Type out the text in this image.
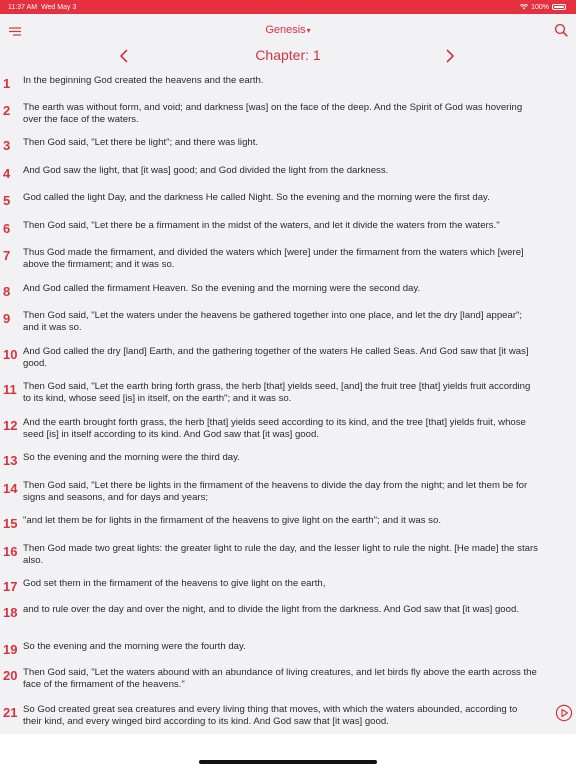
11:37 AM Wed May 3	100%
Genesis▾
Chapter: 1
1	In the beginning God created the heavens and the earth.
2	The earth was without form, and void; and darkness [was] on the face of the deep. And the Spirit of God was hovering over the face of the waters.
3	Then God said, "Let there be light"; and there was light.
4	And God saw the light, that [it was] good; and God divided the light from the darkness.
5	God called the light Day, and the darkness He called Night. So the evening and the morning were the first day.
6	Then God said, "Let there be a firmament in the midst of the waters, and let it divide the waters from the waters."
7	Thus God made the firmament, and divided the waters which [were] under the firmament from the waters which [were] above the firmament; and it was so.
8	And God called the firmament Heaven. So the evening and the morning were the second day.
9	Then God said, "Let the waters under the heavens be gathered together into one place, and let the dry [land] appear"; and it was so.
10 And God called the dry [land] Earth, and the gathering together of the waters He called Seas. And God saw that [it was] good.
11 Then God said, "Let the earth bring forth grass, the herb [that] yields seed, [and] the fruit tree [that] yields fruit according to its kind, whose seed [is] in itself, on the earth"; and it was so.
12 And the earth brought forth grass, the herb [that] yields seed according to its kind, and the tree [that] yields fruit, whose seed [is] in itself according to its kind. And God saw that [it was] good.
13 So the evening and the morning were the third day.
14 Then God said, "Let there be lights in the firmament of the heavens to divide the day from the night; and let them be for signs and seasons, and for days and years;
15 "and let them be for lights in the firmament of the heavens to give light on the earth"; and it was so.
16 Then God made two great lights: the greater light to rule the day, and the lesser light to rule the night. [He made] the stars also.
17 God set them in the firmament of the heavens to give light on the earth,
18 and to rule over the day and over the night, and to divide the light from the darkness. And God saw that [it was] good.
19 So the evening and the morning were the fourth day.
20 Then God said, "Let the waters abound with an abundance of living creatures, and let birds fly above the earth across the face of the firmament of the heavens."
21 So God created great sea creatures and every living thing that moves, with which the waters abounded, according to their kind, and every winged bird according to its kind. And God saw that [it was] good.
